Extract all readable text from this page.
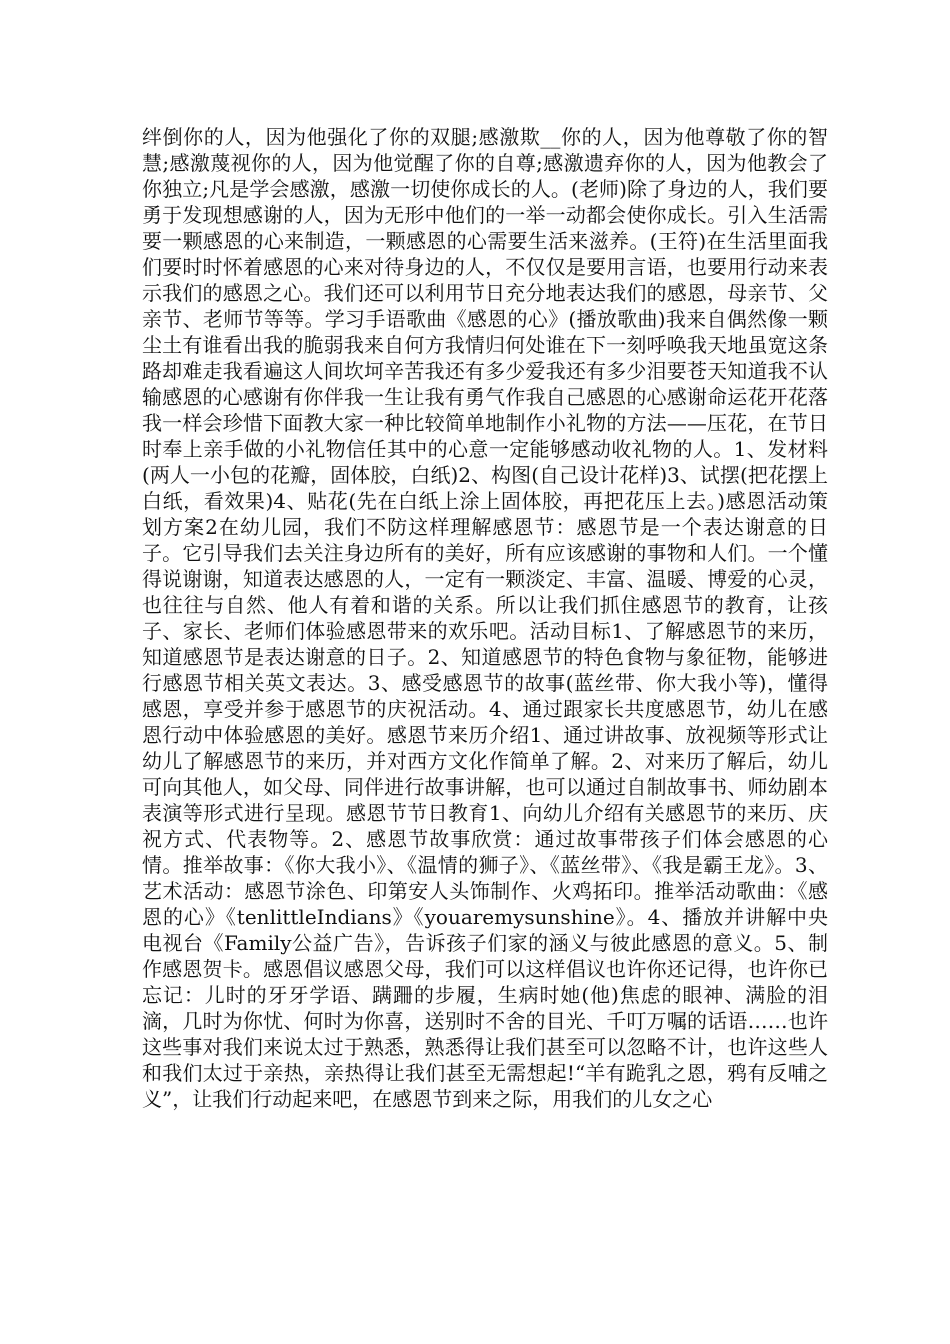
绊倒你的人，因为他强化了你的双腿;感激欺__你的人，因为他尊敬了你的智慧;感激蔑视你的人，因为他觉醒了你的自尊;感激遗弃你的人，因为他教会了你独立;凡是学会感激，感激一切使你成长的人。(老师)除了身边的人，我们要勇于发现想感谢的人，因为无形中他们的一举一动都会使你成长。引入生活需要一颗感恩的心来制造，一颗感恩的心需要生活来滋养。(王符)在生活里面我们要时时怀着感恩的心来对待身边的人，不仅仅是要用言语，也要用行动来表示我们的感恩之心。我们还可以利用节日充分地表达我们的感恩，母亲节、父亲节、老师节等等。学习手语歌曲《感恩的心》(播放歌曲)我来自偶然像一颗尘土有谁看出我的脆弱我来自何方我情归何处谁在下一刻呼唤我天地虽宽这条路却难走我看遍这人间坎坷辛苦我还有多少爱我还有多少泪要苍天知道我不认输感恩的心感谢有你伴我一生让我有勇气作我自己感恩的心感谢命运花开花落我一样会珍惜下面教大家一种比较简单地制作小礼物的方法——压花，在节日时奉上亲手做的小礼物信任其中的心意一定能够感动收礼物的人。1、发材料(两人一小包的花瓣，固体胶，白纸)2、构图(自己设计花样)3、试摆(把花摆上白纸，看效果)4、贴花(先在白纸上涂上固体胶，再把花压上去。)感恩活动策划方案2在幼儿园，我们不防这样理解感恩节：感恩节是一个表达谢意的日子。它引导我们去关注身边所有的美好，所有应该感谢的事物和人们。一个懂得说谢谢，知道表达感恩的人，一定有一颗淡定、丰富、温暖、博爱的心灵，也往往与自然、他人有着和谐的关系。所以让我们抓住感恩节的教育，让孩子、家长、老师们体验感恩带来的欢乐吧。活动目标1、了解感恩节的来历，知道感恩节是表达谢意的日子。2、知道感恩节的特色食物与象征物，能够进行感恩节相关英文表达。3、感受感恩节的故事(蓝丝带、你大我小等)，懂得感恩，享受并参于感恩节的庆祝活动。4、通过跟家长共度感恩节，幼儿在感恩行动中体验感恩的美好。感恩节来历介绍1、通过讲故事、放视频等形式让幼儿了解感恩节的来历，并对西方文化作简单了解。2、对来历了解后，幼儿可向其他人，如父母、同伴进行故事讲解，也可以通过自制故事书、师幼剧本表演等形式进行呈现。感恩节节日教育1、向幼儿介绍有关感恩节的来历、庆祝方式、代表物等。2、感恩节故事欣赏：通过故事带孩子们体会感恩的心情。推举故事：《你大我小》、《温情的狮子》、《蓝丝带》、《我是霸王龙》。3、艺术活动：感恩节涂色、印第安人头饰制作、火鸡拓印。推举活动歌曲：《感恩的心》《tenlittleIndians》《youaremysunshine》。4、播放并讲解中央电视台《Family公益广告》，告诉孩子们家的涵义与彼此感恩的意义。5、制作感恩贺卡。感恩倡议感恩父母，我们可以这样倡议也许你还记得，也许你已忘记：儿时的牙牙学语、蹒跚的步履，生病时她(他)焦虑的眼神、满脸的泪滴，几时为你忧、何时为你喜，送别时不舍的目光、千叮万嘱的话语……也许这些事对我们来说太过于熟悉，熟悉得让我们甚至可以忽略不计，也许这些人和我们太过于亲热，亲热得让我们甚至无需想起!“羊有跪乳之恩，鸦有反哺之义”，让我们行动起来吧，在感恩节到来之际，用我们的儿女之心
